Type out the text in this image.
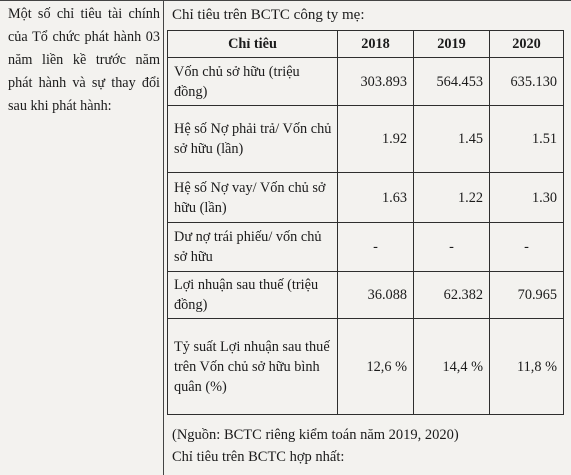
Một số chỉ tiêu tài chính của Tổ chức phát hành 03 năm liền kề trước năm phát hành và sự thay đổi sau khi phát hành:
Chỉ tiêu trên BCTC công ty mẹ:
Chỉ tiêu	2018	2019	2020
Vốn chủ sở hữu (triệu đồng)	303.893	564.453	635.130
Hệ số Nợ phải trả/ Vốn chủ sở hữu (lần)	1.92	1.45	1.51
Hệ số Nợ vay/ Vốn chủ sở hữu (lần)	1.63	1.22	1.30
Dư nợ trái phiếu/ vốn chủ sở hữu	-	-	-
Lợi nhuận sau thuế (triệu đồng)	36.088	62.382	70.965
Tỷ suất Lợi nhuận sau thuế trên Vốn chủ sở hữu bình quân (%)	12,6 %	14,4 %	11,8 %
(Nguồn: BCTC riêng kiểm toán năm 2019, 2020)
Chỉ tiêu trên BCTC hợp nhất:
